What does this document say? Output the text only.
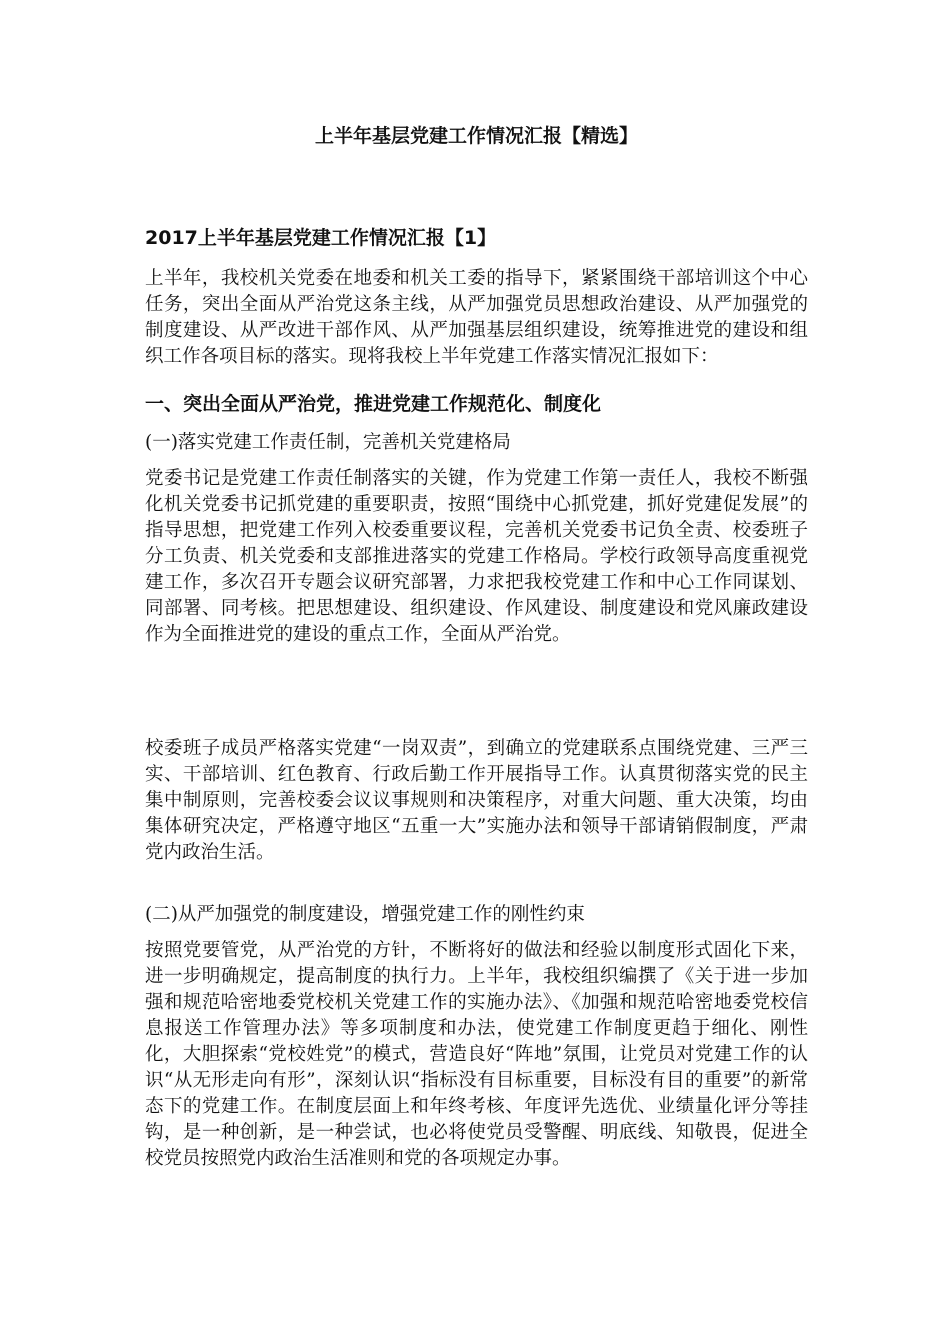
上半年基层党建工作情况汇报【精选】
2017上半年基层党建工作情况汇报【1】

上半年，我校机关党委在地委和机关工委的指导下，紧紧围绕干部培训这个中心任务，突出全面从严治党这条主线，从严加强党员思想政治建设、从严加强党的制度建设、从严改进干部作风、从严加强基层组织建设，统筹推进党的建设和组织工作各项目标的落实。现将我校上半年党建工作落实情况汇报如下：

一、突出全面从严治党，推进党建工作规范化、制度化

(一)落实党建工作责任制，完善机关党建格局

党委书记是党建工作责任制落实的关键，作为党建工作第一责任人，我校不断强化机关党委书记抓党建的重要职责，按照“围绕中心抓党建，抓好党建促发展”的指导思想，把党建工作列入校委重要议程，完善机关党委书记负全责、校委班子分工负责、机关党委和支部推进落实的党建工作格局。学校行政领导高度重视党建工作，多次召开专题会议研究部署，力求把我校党建工作和中心工作同谋划、同部署、同考核。把思想建设、组织建设、作风建设、制度建设和党风廉政建设作为全面推进党的建设的重点工作，全面从严治党。

校委班子成员严格落实党建“一岗双责”，到确立的党建联系点围绕党建、三严三实、干部培训、红色教育、行政后勤工作开展指导工作。认真贯彻落实党的民主集中制原则，完善校委会议议事规则和决策程序，对重大问题、重大决策，均由集体研究决定，严格遵守地区“五重一大”实施办法和领导干部请销假制度，严肃党内政治生活。

(二)从严加强党的制度建设，增强党建工作的刚性约束

按照党要管党，从严治党的方针，不断将好的做法和经验以制度形式固化下来，进一步明确规定，提高制度的执行力。上半年，我校组织编撰了《关于进一步加强和规范哈密地委党校机关党建工作的实施办法》、《加强和规范哈密地委党校信息报送工作管理办法》等多项制度和办法，使党建工作制度更趋于细化、刚性化，大胆探索“党校姓党”的模式，营造良好“阵地”氛围，让党员对党建工作的认识“从无形走向有形”，深刻认识“指标没有目标重要，目标没有目的重要”的新常态下的党建工作。在制度层面上和年终考核、年度评先选优、业绩量化评分等挂钩，是一种创新，是一种尝试，也必将使党员受警醒、明底线、知敬畏，促进全校党员按照党内政治生活准则和党的各项规定办事。
